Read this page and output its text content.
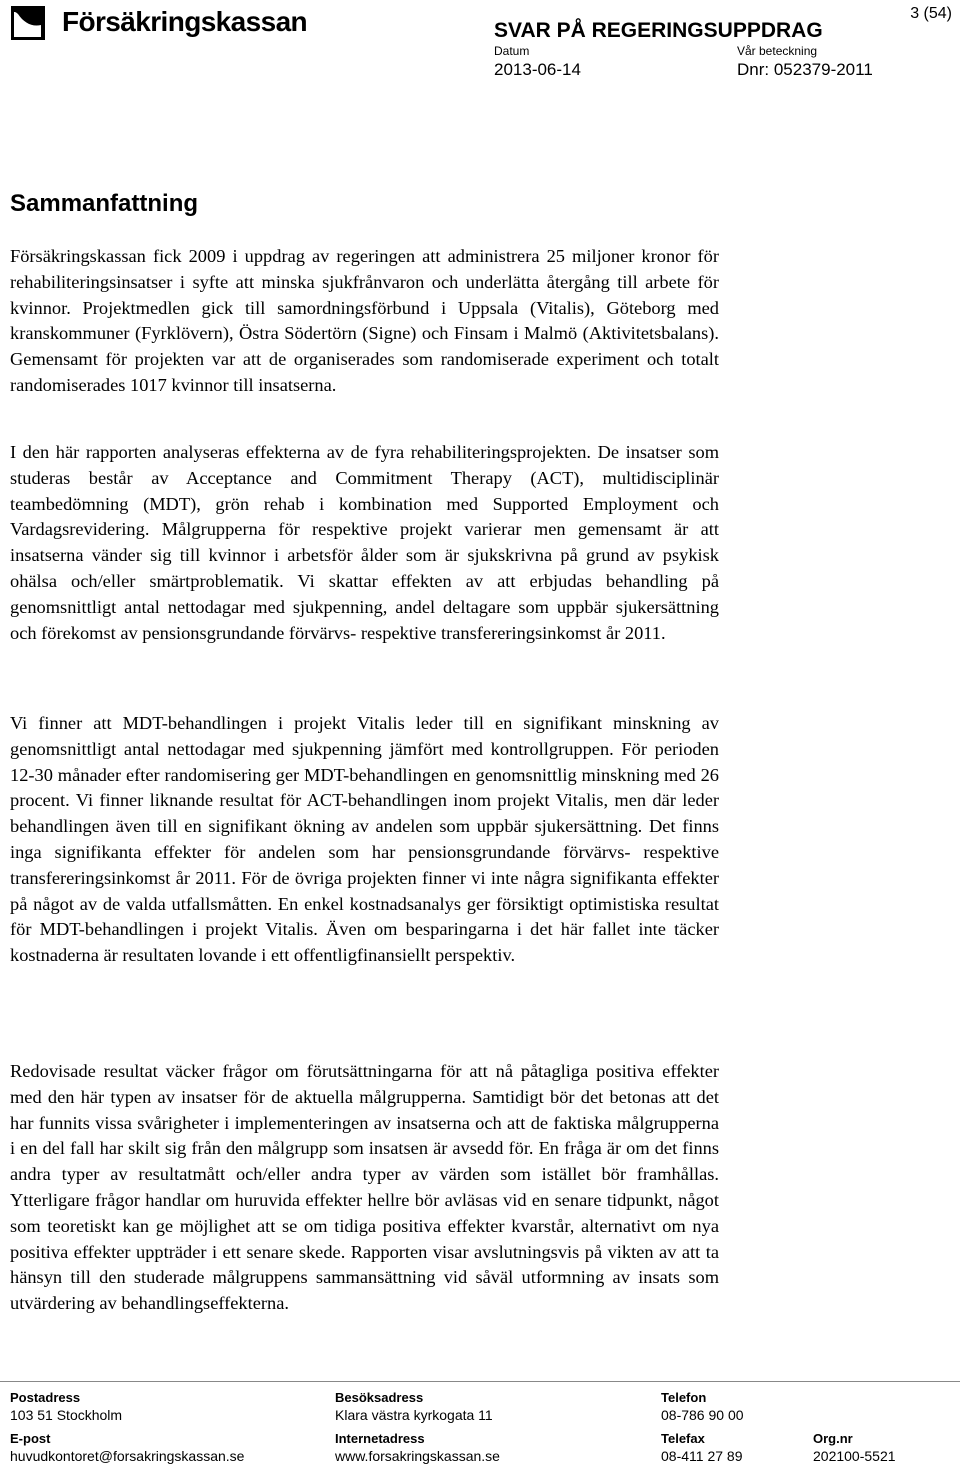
Försäkringskassan	SVAR PÅ REGERINGSUPPDRAG
3 (54)
Datum
2013-06-14
Vår beteckning
Dnr: 052379-2011
Sammanfattning

Försäkringskassan fick 2009 i uppdrag av regeringen att administrera 25 miljoner kronor för rehabiliteringsinsatser i syfte att minska sjukfrånvaron och underlätta återgång till arbete för kvinnor. Projektmedlen gick till samordningsförbund i Uppsala (Vitalis), Göteborg med kranskommuner (Fyrklövern), Östra Södertörn (Signe) och Finsam i Malmö (Aktivitetsbalans). Gemensamt för projekten var att de organiserades som randomiserade experiment och totalt randomiserades 1017 kvinnor till insatserna.

I den här rapporten analyseras effekterna av de fyra rehabiliteringsprojekten. De insatser som studeras består av Acceptance and Commitment Therapy (ACT), multidisciplinär teambedömning (MDT), grön rehab i kombination med Supported Employment och Vardagsrevidering. Målgrupperna för respektive projekt varierar men gemensamt är att insatserna vänder sig till kvinnor i arbetsför ålder som är sjukskrivna på grund av psykisk ohälsa och/eller smärtproblematik. Vi skattar effekten av att erbjudas behandling på genomsnittligt antal nettodagar med sjukpenning, andel deltagare som uppbär sjukersättning och förekomst av pensionsgrundande förvärvs- respektive transfereringsinkomst år 2011.

Vi finner att MDT-behandlingen i projekt Vitalis leder till en signifikant minskning av genomsnittligt antal nettodagar med sjukpenning jämfört med kontrollgruppen. För perioden 12-30 månader efter randomisering ger MDT-behandlingen en genomsnittlig minskning med 26 procent. Vi finner liknande resultat för ACT-behandlingen inom projekt Vitalis, men där leder behandlingen även till en signifikant ökning av andelen som uppbär sjukersättning. Det finns inga signifikanta effekter för andelen som har pensionsgrundande förvärvs- respektive transfereringsinkomst år 2011. För de övriga projekten finner vi inte några signifikanta effekter på något av de valda utfallsmåtten. En enkel kostnadsanalys ger försiktigt optimistiska resultat för MDT-behandlingen i projekt Vitalis. Även om besparingarna i det här fallet inte täcker kostnaderna är resultaten lovande i ett offentligfinansiellt perspektiv.

Redovisade resultat väcker frågor om förutsättningarna för att nå påtagliga positiva effekter med den här typen av insatser för de aktuella målgrupperna. Samtidigt bör det betonas att det har funnits vissa svårigheter i implementeringen av insatserna och att de faktiska målgrupperna i en del fall har skilt sig från den målgrupp som insatsen är avsedd för. En fråga är om det finns andra typer av resultatmått och/eller andra typer av värden som istället bör framhållas. Ytterligare frågor handlar om huruvida effekter hellre bör avläsas vid en senare tidpunkt, något som teoretiskt kan ge möjlighet att se om tidiga positiva effekter kvarstår, alternativt om nya positiva effekter uppträder i ett senare skede. Rapporten visar avslutningsvis på vikten av att ta hänsyn till den studerade målgruppens sammansättning vid såväl utformning av insats som utvärdering av behandlingseffekterna.

Postadress
103 51 Stockholm
Besöksadress
Klara västra kyrkogata 11
Telefon
08-786 90 00
E-post
huvudkontoret@forsakringskassan.se
Internetadress
www.forsakringskassan.se
Telefax
08-411 27 89
Org.nr
202100-5521
